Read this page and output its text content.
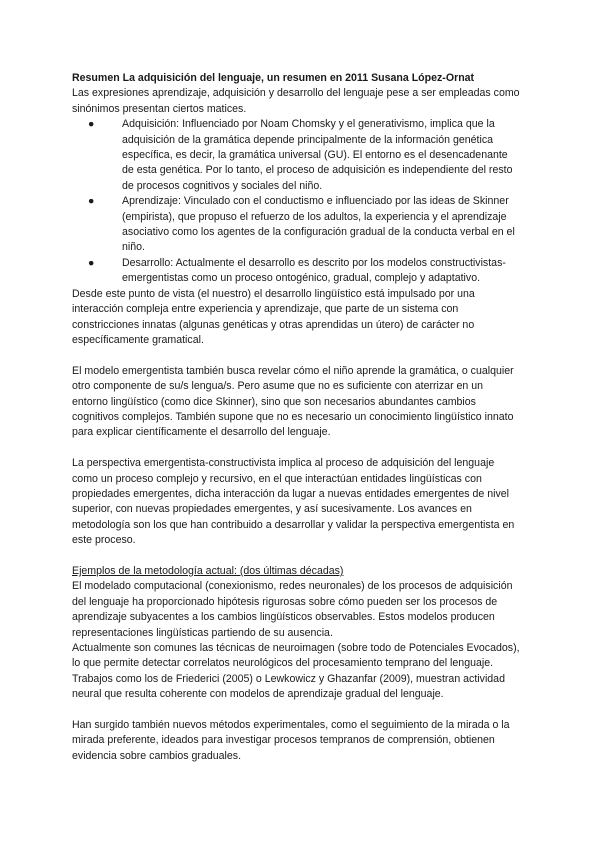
Resumen La adquisición del lenguaje, un resumen en 2011 Susana López-Ornat

Las expresiones aprendizaje, adquisición y desarrollo del lenguaje pese a ser empleadas como sinónimos presentan ciertos matices.

●	Adquisición: Influenciado por Noam Chomsky y el generativismo, implica que la adquisición de la gramática depende principalmente de la información genética específica, es decir, la gramática universal (GU). El entorno es el desencadenante de esta genética. Por lo tanto, el proceso de adquisición es independiente del resto de procesos cognitivos y sociales del niño.
●	Aprendizaje: Vinculado con el conductismo e influenciado por las ideas de Skinner (empirista), que propuso el refuerzo de los adultos, la experiencia y el aprendizaje asociativo como los agentes de la configuración gradual de la conducta verbal en el niño.
●	Desarrollo: Actualmente el desarrollo es descrito por los modelos constructivistas-emergentistas como un proceso ontogénico, gradual, complejo y adaptativo.

Desde este punto de vista (el nuestro) el desarrollo lingüístico está impulsado por una interacción compleja entre experiencia y aprendizaje, que parte de un sistema con constricciones innatas (algunas genéticas y otras aprendidas un útero) de carácter no específicamente gramatical.

El modelo emergentista también busca revelar cómo el niño aprende la gramática, o cualquier otro componente de su/s lengua/s. Pero asume que no es suficiente con aterrizar en un entorno lingüístico (como dice Skinner), sino que son necesarios abundantes cambios cognitivos complejos. También supone que no es necesario un conocimiento lingüístico innato para explicar científicamente el desarrollo del lenguaje.

La perspectiva emergentista-constructivista implica al proceso de adquisición del lenguaje como un proceso complejo y recursivo, en el que interactúan entidades lingüísticas con propiedades emergentes, dicha interacción da lugar a nuevas entidades emergentes de nivel superior, con nuevas propiedades emergentes, y así sucesivamente. Los avances en metodología son los que han contribuido a desarrollar y validar la perspectiva emergentista en este proceso.

Ejemplos de la metodología actual: (dos últimas décadas)

El modelado computacional (conexionismo, redes neuronales) de los procesos de adquisición del lenguaje ha proporcionado hipótesis rigurosas sobre cómo pueden ser los procesos de aprendizaje subyacentes a los cambios lingüísticos observables. Estos modelos producen representaciones lingüísticas partiendo de su ausencia.

Actualmente son comunes las técnicas de neuroimagen (sobre todo de Potenciales Evocados), lo que permite detectar correlatos neurológicos del procesamiento temprano del lenguaje. Trabajos como los de Friederici (2005) o Lewkowicz y Ghazanfar (2009), muestran actividad neural que resulta coherente con modelos de aprendizaje gradual del lenguaje.

Han surgido también nuevos métodos experimentales, como el seguimiento de la mirada o la mirada preferente, ideados para investigar procesos tempranos de comprensión, obtienen evidencia sobre cambios graduales.
